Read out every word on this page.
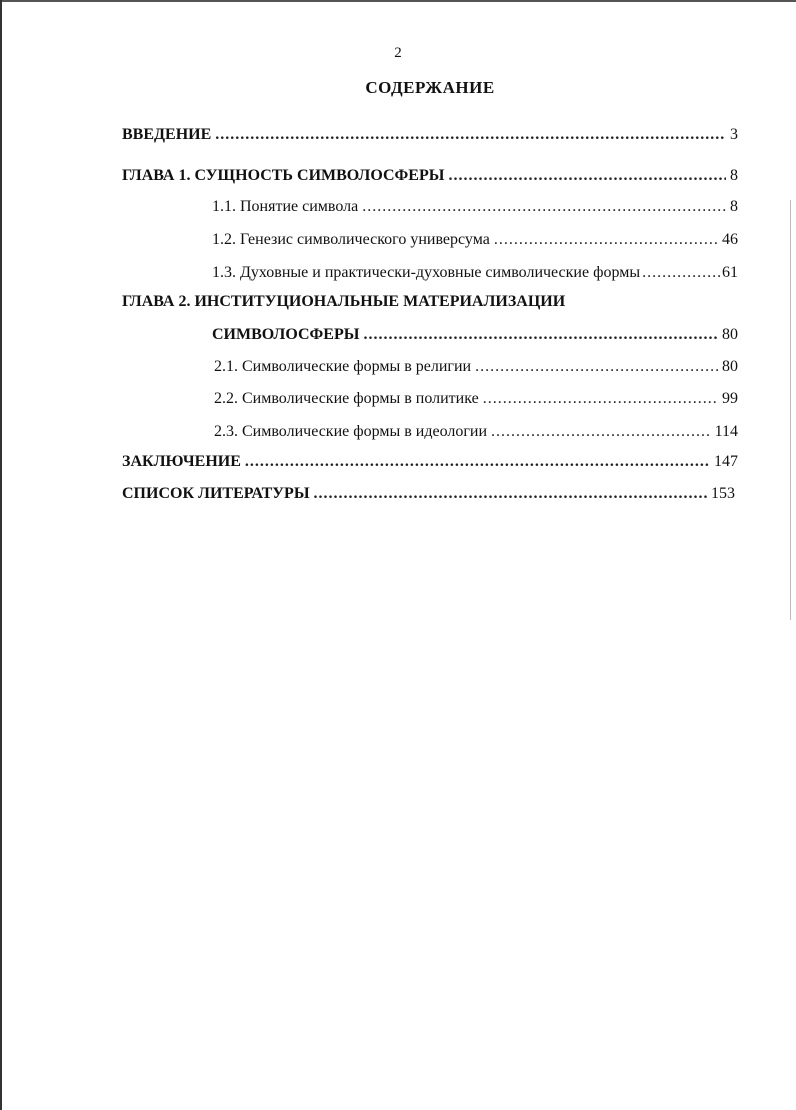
2
СОДЕРЖАНИЕ
ВВЕДЕНИЕ .....	3
ГЛАВА 1. СУЩНОСТЬ СИМВОЛОСФЕРЫ .....	8
1.1. Понятие символа .....	8
1.2. Генезис символического универсума .....	46
1.3. Духовные и практически-духовные символические формы .....	61
ГЛАВА 2. ИНСТИТУЦИОНАЛЬНЫЕ МАТЕРИАЛИЗАЦИИ
СИМВОЛОСФЕРЫ .....	80
2.1. Символические формы в религии .....	80
2.2. Символические формы в политике .....	99
2.3. Символические формы в идеологии .....	114
ЗАКЛЮЧЕНИЕ .....	147
СПИСОК ЛИТЕРАТУРЫ .....	153
